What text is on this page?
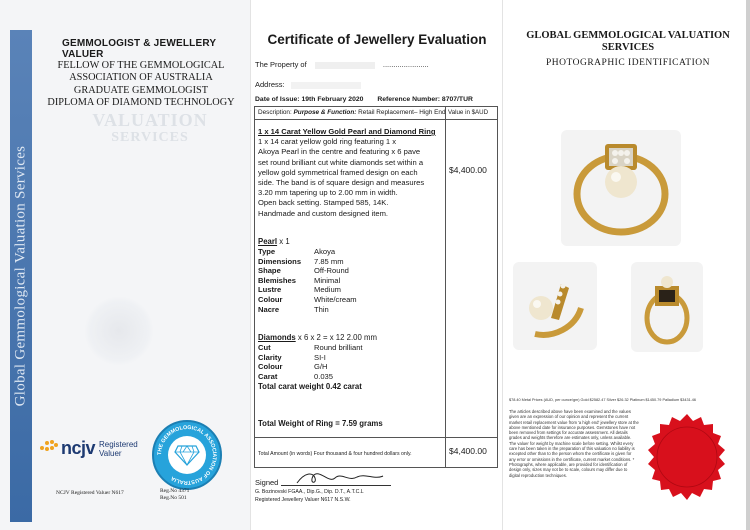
Global Gemmological Valuation Services
GEMMOLOGIST & JEWELLERY VALUER
FELLOW OF THE GEMMOLOGICAL
ASSOCIATION OF AUSTRALIA
GRADUATE GEMMOLOGIST
DIPLOMA OF DIAMOND TECHNOLOGY
VALUATION
SERVICES
ncjv Registered
Valuer	THE GEMMOLOGICAL ASSOCIATION OF AUSTRALIA
NCJV Registered Valuer N617	Reg.No 4371
Reg.No 501
Certificate of Jewellery Evaluation
The Property of	......................
Address:
Date of Issue: 19th February 2020 Reference Number: 8707/TUR
Description: Purpose & Function: Retail Replacement– High End Value in $AUD
1 x 14 Carat Yellow Gold Pearl and Diamond Ring
1 x 14 carat yellow gold ring featuring 1 x
Akoya Pearl in the centre and featuring x 6 pave
set round brilliant cut white diamonds set within a
yellow gold symmetrical framed design on each
side. The band is of square design and measures
3.20 mm tapering up to 2.00 mm in width.
Open back setting. Stamped 585, 14K.
Handmade and custom designed item.
$4,400.00
Pearl x 1
Type	Akoya
Dimensions	7.85 mm
Shape	Off-Round
Blemishes	Minimal
Lustre	Medium
Colour	White/cream
Nacre	Thin
Diamonds x 6 x 2 = x 12 2.00 mm
Cut	Round brilliant
Clarity	SI-I
Colour	G/H
Carat	0.035
Total carat weight 0.42 carat
Total Weight of Ring = 7.59 grams
Total Amount (in words) Four thousand & four hundred dollars only.	$4,400.00
Signed
G. Bozinovski FGAA., Dip.G., Dip. D.T., A.T.C.L
Registered Jewellery Valuer N617 N.S.W.
GLOBAL GEMMOLOGICAL VALUATION
SERVICES
PHOTOGRAPHIC IDENTIFICATION
$78.40 Metal Prices (AUD, per ounce/gm) Gold $2582.47 Silver $26.32 Platinum $1450.79 Palladium $3431.46
The articles described above have been examined and the values given are an expression of our opinion and represent the current market retail replacement value from 'a high end' jewellery store at the above mentioned date for insurance purposes. Gemstones have not been removed from settings for accurate assessment. All details grades and weights therefore are estimates only, unless available. The valuer for weight by machine scale before setting. Whilst every care has been taken in the preparation of this valuation no liability is excepted other than to the person whom the certificate is given for any error or omissions in the certificate, current market conditions. * Photographs, where applicable, are provided for identification of design only, sizes may not be to scale, colours may differ due to digital reproduction techniques.
